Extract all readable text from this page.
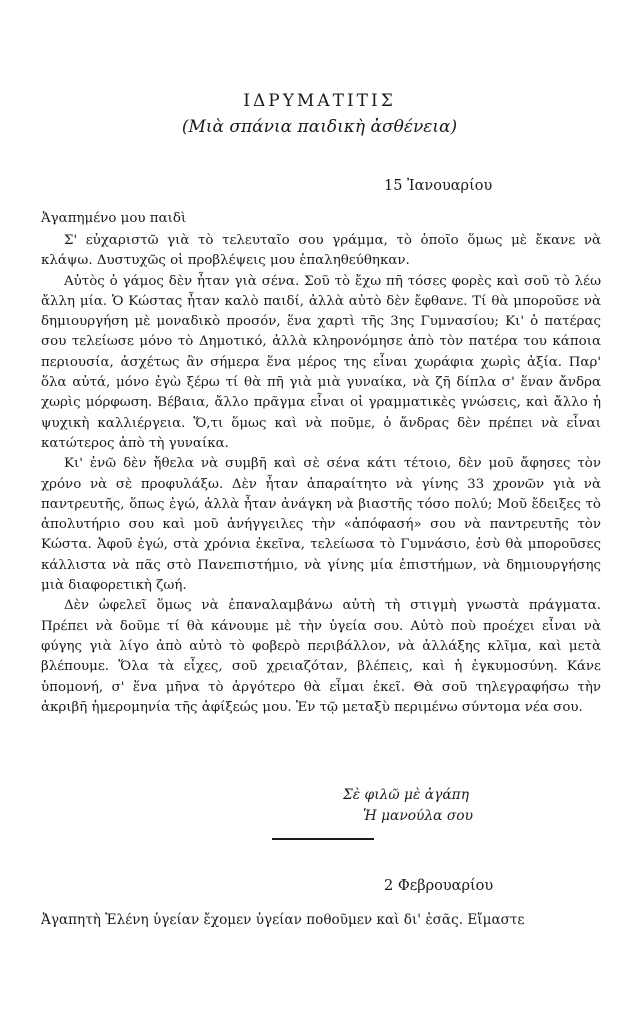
ΙΔΡΥΜΑΤΙΤΙΣ
(Μιὰ σπάνια παιδικὴ ἀσθένεια)
15 Ἰανουαρίου
Ἀγαπημένο μου παιδὶ

Σ' εὐχαριστῶ γιὰ τὸ τελευταῖο σου γράμμα, τὸ ὁποῖο ὅμως μὲ ἔκανε νὰ κλάψω. Δυστυχῶς οἱ προβλέψεις μου ἐπαληθεύθηκαν.

Αὐτὸς ὁ γάμος δὲν ἦταν γιὰ σένα. Σοῦ τὸ ἔχω πῆ τόσες φορὲς καὶ σοῦ τὸ λέω ἄλλη μία. Ὁ Κώστας ἦταν καλὸ παιδί, ἀλλὰ αὐτὸ δὲν ἔφθανε. Τί θὰ μποροῦσε νὰ δημιουργήση μὲ μοναδικὸ προσόν, ἕνα χαρτὶ τῆς 3ης Γυμνασίου; Κι' ὁ πατέρας σου τελείωσε μόνο τὸ Δημοτικό, ἀλλὰ κληρονόμησε ἀπὸ τὸν πατέρα του κάποια περιουσία, ἀσχέτως ἂν σήμερα ἕνα μέρος της εἶναι χωράφια χωρὶς ἀξία. Παρ' ὅλα αὐτά, μόνο ἐγὼ ξέρω τί θὰ πῆ γιὰ μιὰ γυναίκα, νὰ ζῆ δίπλα σ' ἕναν ἄνδρα χωρὶς μόρφωση. Βέβαια, ἄλλο πρᾶγμα εἶναι οἱ γραμματικὲς γνώσεις, καὶ ἄλλο ἡ ψυχικὴ καλλιέργεια. Ὅ,τι ὅμως καὶ νὰ ποῦμε, ὁ ἄνδρας δὲν πρέπει νὰ εἶναι κατώτερος ἀπὸ τὴ γυναίκα.

Κι' ἐνῶ δὲν ἤθελα νὰ συμβῆ καὶ σὲ σένα κάτι τέτοιο, δὲν μοῦ ἄφησες τὸν χρόνο νὰ σὲ προφυλάξω. Δὲν ἦταν ἀπαραίτητο νὰ γίνης 33 χρονῶν γιὰ νὰ παντρευτῆς, ὅπως ἐγώ, ἀλλὰ ἦταν ἀνάγκη νὰ βιαστῆς τόσο πολύ; Μοῦ ἔδειξες τὸ ἀπολυτήριο σου καὶ μοῦ ἀνήγγειλες τὴν «ἀπόφασή» σου νὰ παντρευτῆς τὸν Κώστα. Ἀφοῦ ἐγώ, στὰ χρόνια ἐκεῖνα, τελείωσα τὸ Γυμνάσιο, ἐσὺ θὰ μποροῦσες κάλλιστα νὰ πᾶς στὸ Πανεπιστήμιο, νὰ γίνης μία ἐπιστήμων, νὰ δημιουργήσης μιὰ διαφορετικὴ ζωή.

Δὲν ὠφελεῖ ὅμως νὰ ἐπαναλαμβάνω αὐτὴ τὴ στιγμὴ γνωστὰ πράγματα. Πρέπει νὰ δοῦμε τί θὰ κάνουμε μὲ τὴν ὑγεία σου. Αὐτὸ ποὺ προέχει εἶναι νὰ φύγης γιὰ λίγο ἀπὸ αὐτὸ τὸ φοβερὸ περιβάλλον, νὰ ἀλλάξης κλῖμα, καὶ μετὰ βλέπουμε. Ὅλα τὰ εἶχες, σοῦ χρειαζόταν, βλέπεις, καὶ ἡ ἐγκυμοσύνη. Κάνε ὑπομονή, σ' ἕνα μῆνα τὸ ἀργότερο θὰ εἶμαι ἐκεῖ. Θὰ σοῦ τηλεγραφήσω τὴν ἀκριβῆ ἡμερομηνία τῆς ἀφίξεώς μου. Ἐν τῷ μεταξὺ περιμένω σύντομα νέα σου.

Σὲ φιλῶ μὲ ἀγάπη
Ἡ μανούλα σου
2 Φεβρουαρίου
Ἀγαπητὴ Ἑλένη ὑγείαν ἔχομεν ὑγείαν ποθοῦμεν καὶ δι' ἐσᾶς. Εἴμαστε
